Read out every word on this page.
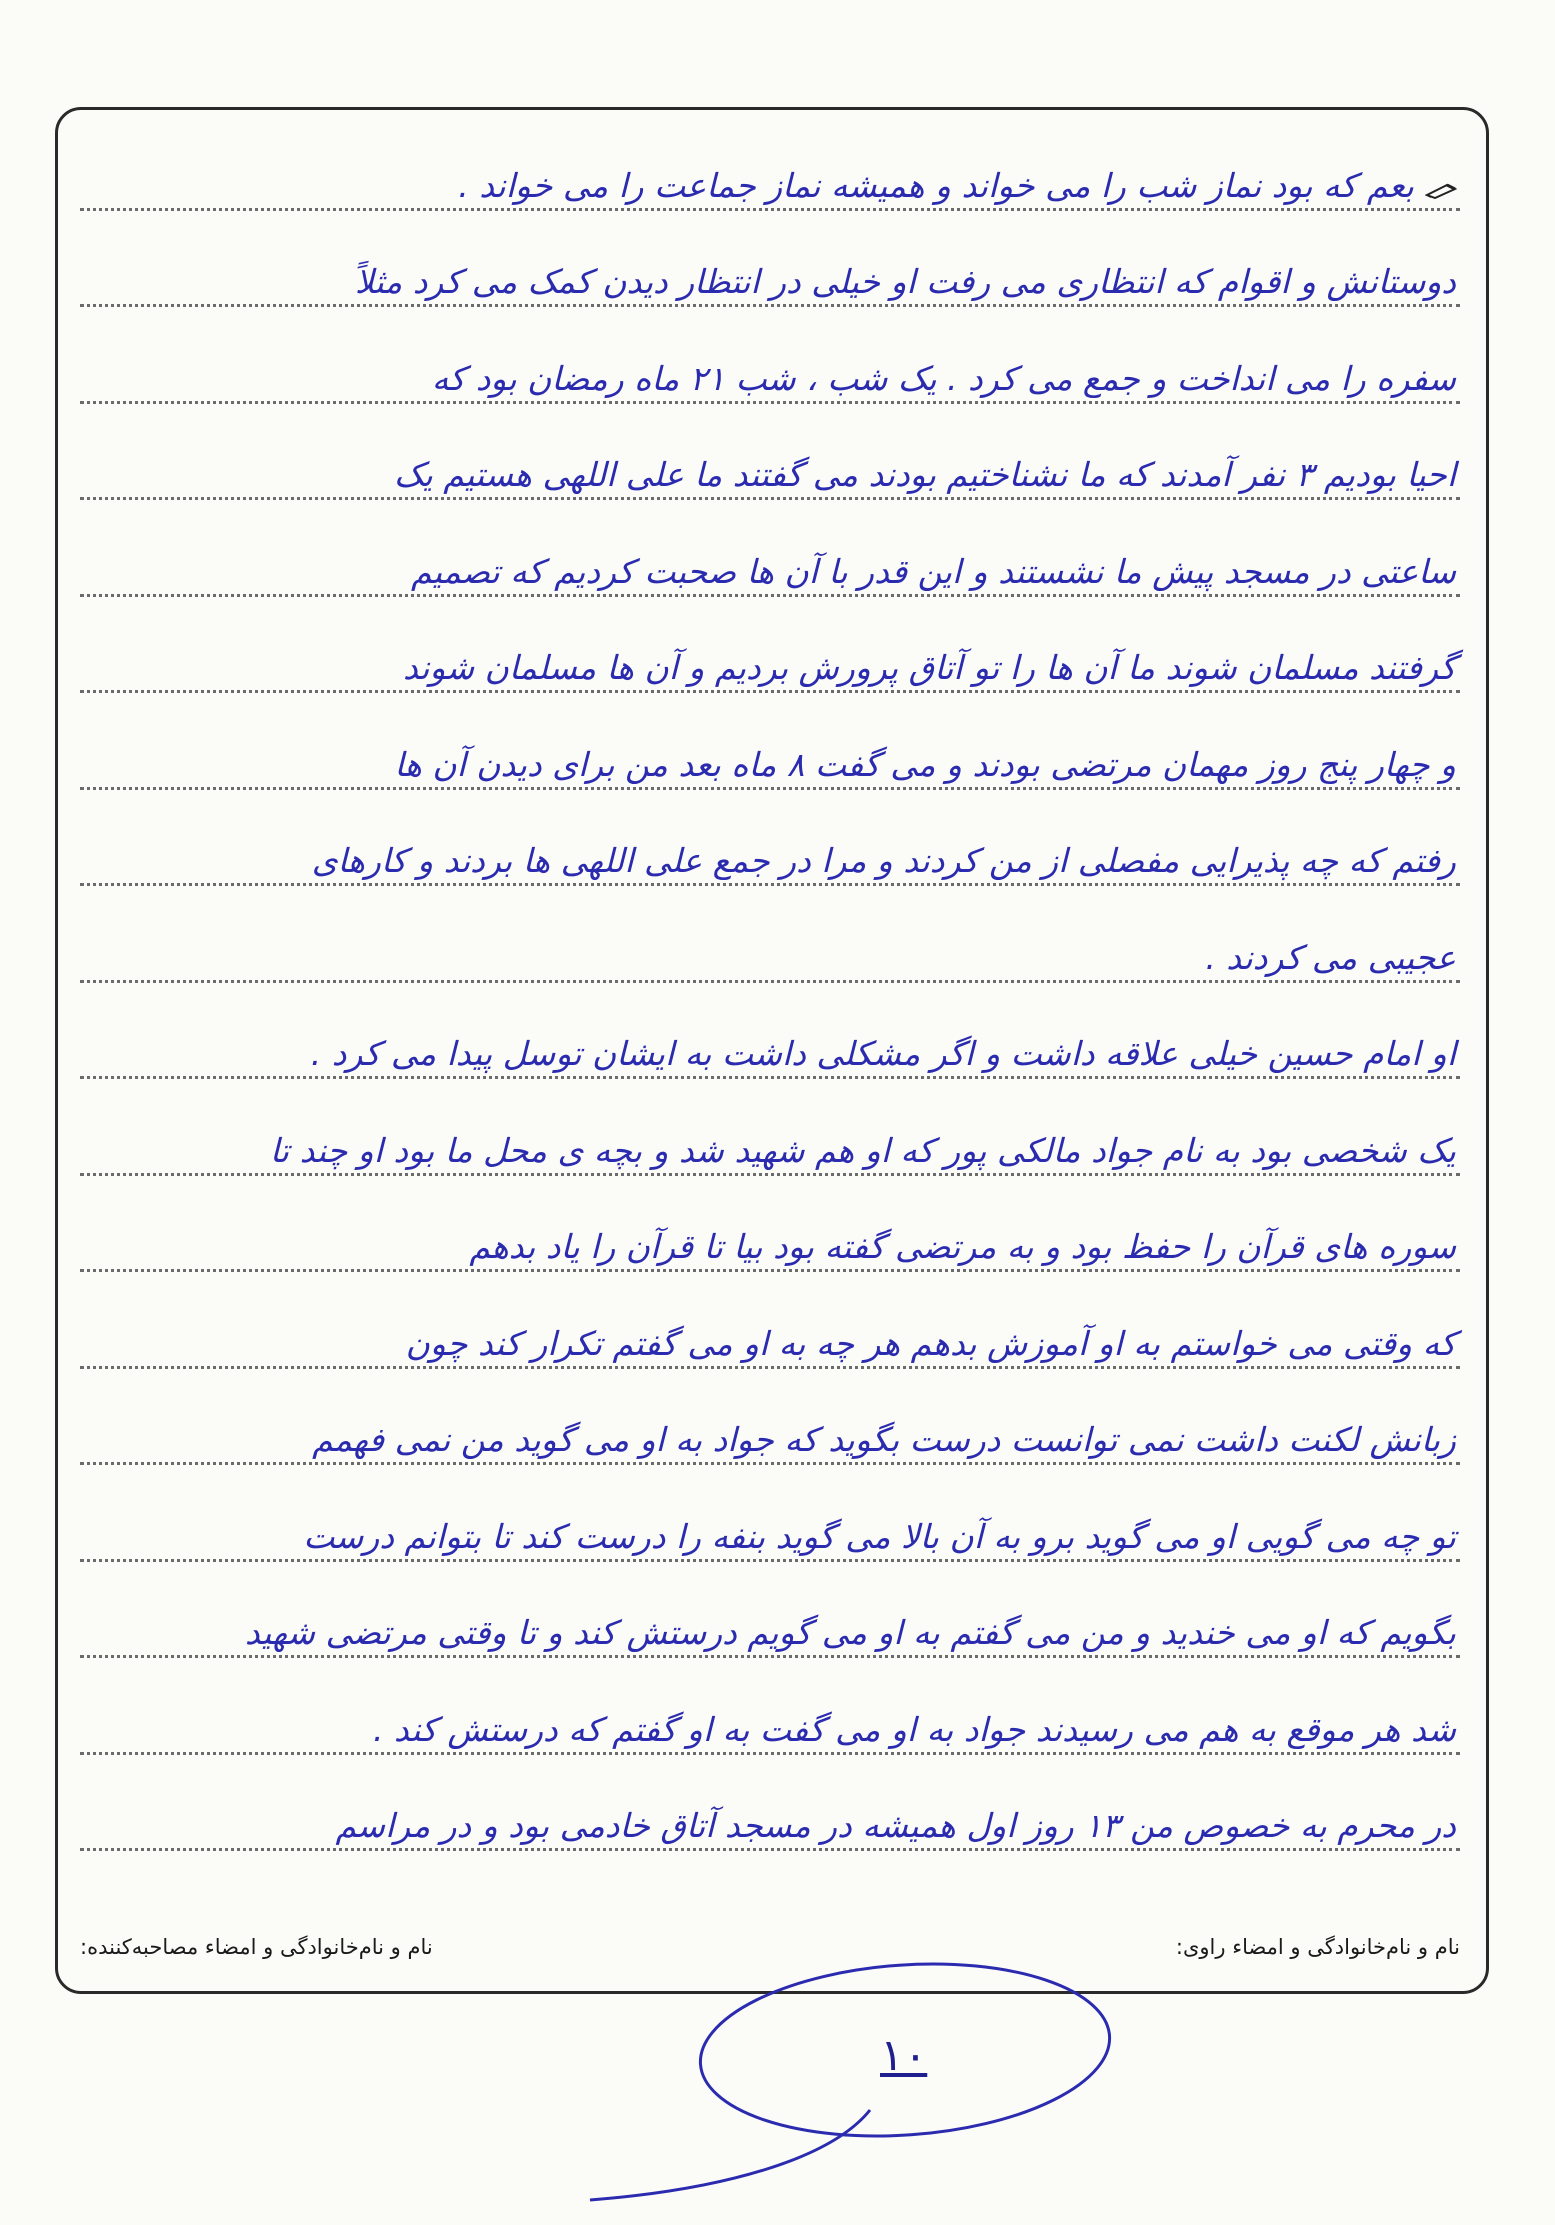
بعم که بود نماز شب را می خواند و همیشه نماز جماعت را می خواند .
دوستانش و اقوام که انتظاری می رفت او خیلی در انتظار دیدن کمک می کرد مثلاً
سفره را می انداخت و جمع می کرد . یک شب ، شب ۲۱ ماه رمضان بود که
احیا بودیم ۳ نفر آمدند که ما نشناختیم بودند می گفتند ما علی اللهی هستیم یک
ساعتی در مسجد پیش ما نشستند و این قدر با آن ها صحبت کردیم که تصمیم
گرفتند مسلمان شوند ما آن ها را تو آتاق پرورش بردیم و آن ها مسلمان شوند
و چهار پنج روز مهمان مرتضی بودند و می گفت ۸ ماه بعد من برای دیدن آن ها
رفتم که چه پذیرایی مفصلی از من کردند و مرا در جمع علی اللهی ها بردند و کارهای
عجیبی می کردند .
او امام حسین خیلی علاقه داشت و اگر مشکلی داشت به ایشان توسل پیدا می کرد .
یک شخصی بود به نام جواد مالکی پور که او هم شهید شد و بچه ی محل ما بود او چند تا
سوره های قرآن را حفظ بود و به مرتضی گفته بود بیا تا قرآن را یاد بدهم
که وقتی می خواستم به او آموزش بدهم هر چه به او می گفتم تکرار کند چون
زبانش لکنت داشت نمی توانست درست بگوید که جواد به او می گوید من نمی فهمم
تو چه می گویی او می گوید برو به آن بالا می گوید بنفه را درست کند تا بتوانم درست
بگویم که او می خندید و من می گفتم به او می گویم درستش کند و تا وقتی مرتضی شهید
شد هر موقع به هم می رسیدند جواد به او می گفت به او گفتم که درستش کند .
در محرم به خصوص من ۱۳ روز اول همیشه در مسجد آتاق خادمی بود و در مراسم
نام و نام‌خانوادگی و امضاء راوی:
نام و نام‌خانوادگی و امضاء مصاحبه‌کننده:
۱۰
